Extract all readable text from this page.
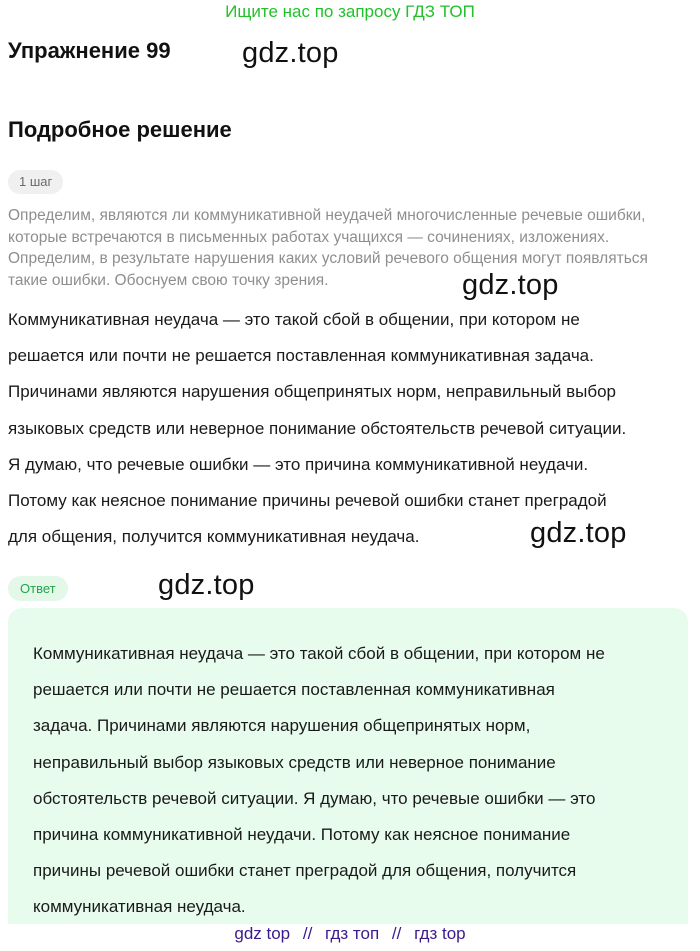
Ищите нас по запросу ГДЗ ТОП
Упражнение 99 gdz.top
Подробное решение
1 шаг
Определим, являются ли коммуникативной неудачей многочисленные речевые ошибки,
которые встречаются в письменных работах учащихся — сочинениях, изложениях.
Определим, в результате нарушения каких условий речевого общения могут появляться
такие ошибки. Обоснуем свою точку зрения.	gdz.top
Коммуникативная неудача — это такой сбой в общении, при котором не
решается или почти не решается поставленная коммуникативная задача.
Причинами являются нарушения общепринятых норм, неправильный выбор
языковых средств или неверное понимание обстоятельств речевой ситуации.
Я думаю, что речевые ошибки — это причина коммуникативной неудачи.
Потому как неясное понимание причины речевой ошибки станет преградой
для общения, получится коммуникативная неудача.	gdz.top
Ответ	gdz.top
Коммуникативная неудача — это такой сбой в общении, при котором не
решается или почти не решается поставленная коммуникативная
задача. Причинами являются нарушения общепринятых норм,
неправильный выбор языковых средств или неверное понимание
обстоятельств речевой ситуации. Я думаю, что речевые ошибки — это
причина коммуникативной неудачи. Потому как неясное понимание
причины речевой ошибки станет преградой для общения, получится
коммуникативная неудача.
gdz top // гдз топ // гдз top
